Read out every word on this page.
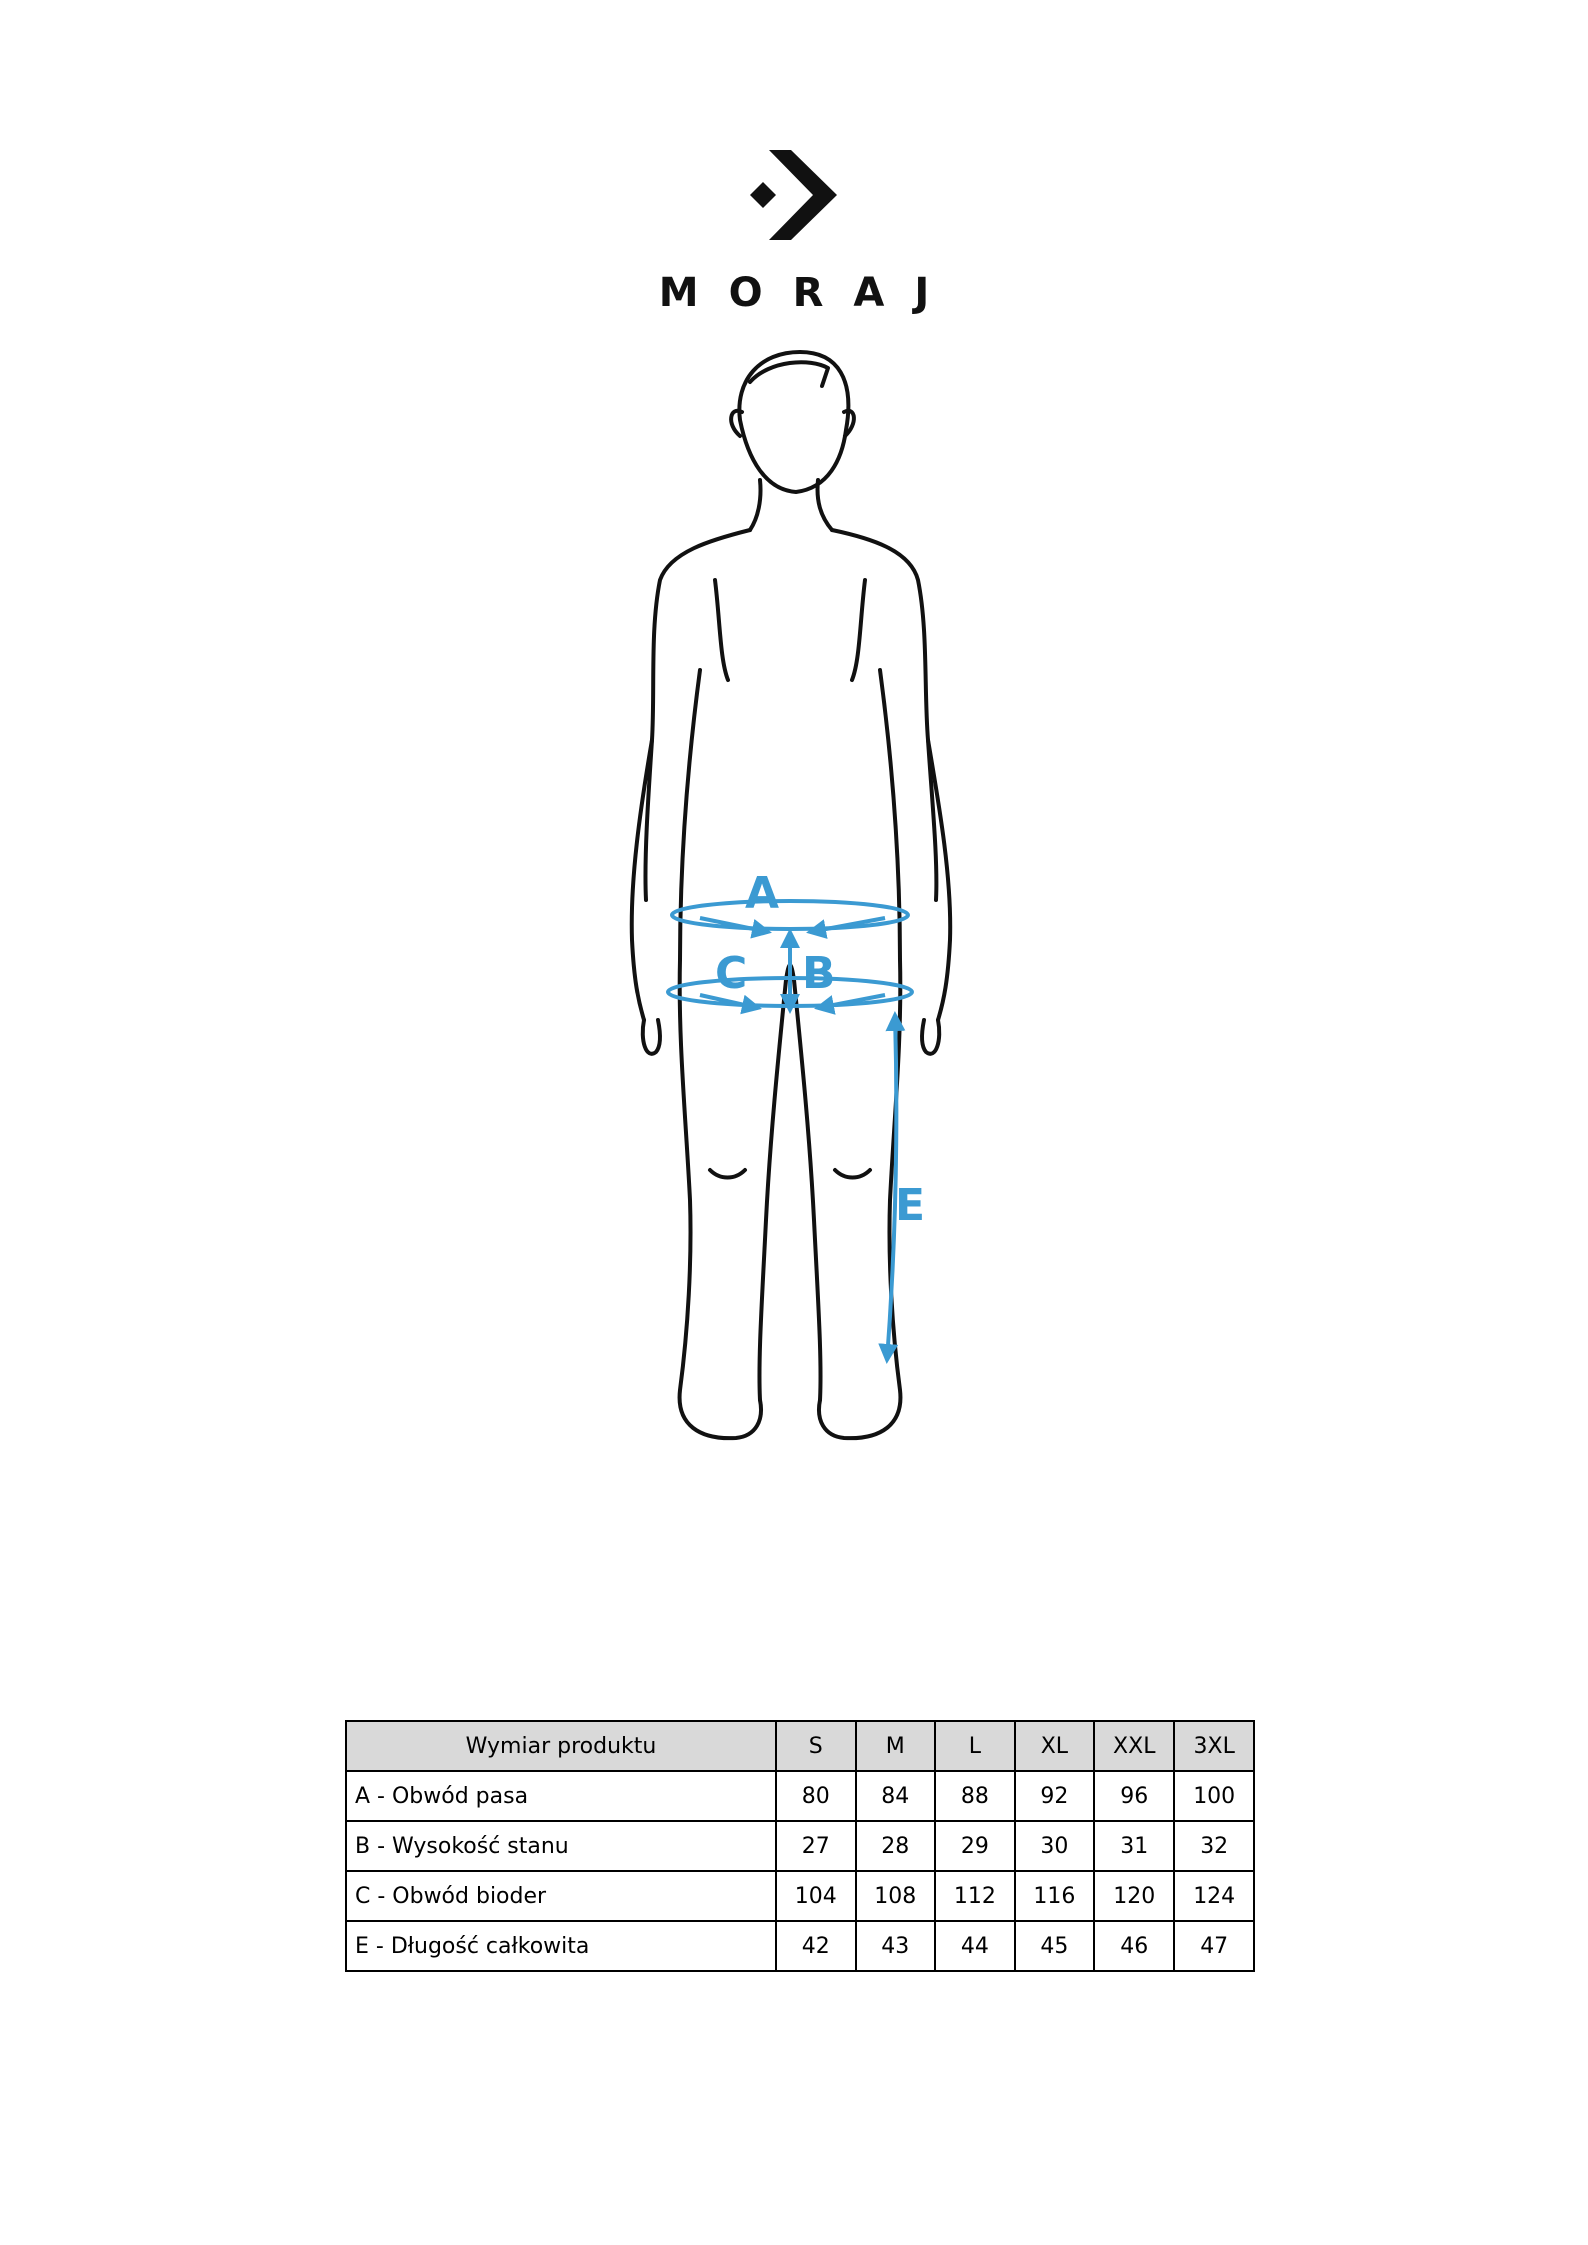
MORAJ
A
B
C
E
Wymiar produktu	S	M	L	XL	XXL	3XL
A - Obwód pasa	80	84	88	92	96	100
B - Wysokość stanu	27	28	29	30	31	32
C - Obwód bioder	104	108	112	116	120	124
E - Długość całkowita	42	43	44	45	46	47
